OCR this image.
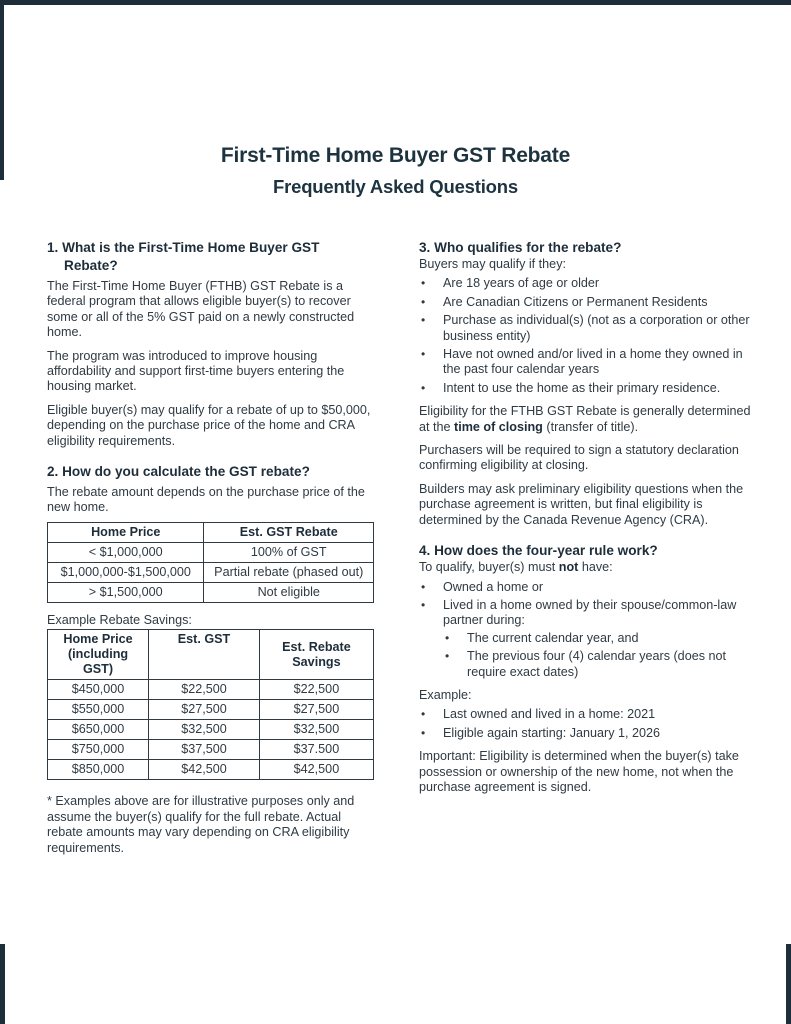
First-Time Home Buyer GST Rebate
Frequently Asked Questions
1. What is the First-Time Home Buyer GST Rebate?

The First-Time Home Buyer (FTHB) GST Rebate is a federal program that allows eligible buyer(s) to recover some or all of the 5% GST paid on a newly constructed home.

The program was introduced to improve housing affordability and support first-time buyers entering the housing market.

Eligible buyer(s) may qualify for a rebate of up to $50,000, depending on the purchase price of the home and CRA eligibility requirements.

2. How do you calculate the GST rebate?

The rebate amount depends on the purchase price of the new home.

Home Price	Est. GST Rebate
< $1,000,000	100% of GST
$1,000,000-$1,500,000	Partial rebate (phased out)
> $1,500,000	Not eligible

Example Rebate Savings:

Home Price (including GST)	Est. GST	Est. Rebate Savings
$450,000	$22,500	$22,500
$550,000	$27,500	$27,500
$650,000	$32,500	$32,500
$750,000	$37,500	$37.500
$850,000	$42,500	$42,500

* Examples above are for illustrative purposes only and assume the buyer(s) qualify for the full rebate. Actual rebate amounts may vary depending on CRA eligibility requirements.

3. Who qualifies for the rebate?

Buyers may qualify if they:

• Are 18 years of age or older
• Are Canadian Citizens or Permanent Residents
• Purchase as individual(s) (not as a corporation or other business entity)
• Have not owned and/or lived in a home they owned in the past four calendar years
• Intent to use the home as their primary residence.

Eligibility for the FTHB GST Rebate is generally determined at the time of closing (transfer of title).

Purchasers will be required to sign a statutory declaration confirming eligibility at closing.

Builders may ask preliminary eligibility questions when the purchase agreement is written, but final eligibility is determined by the Canada Revenue Agency (CRA).

4. How does the four-year rule work?

To qualify, buyer(s) must not have:

• Owned a home or
• Lived in a home owned by their spouse/common-law partner during:
• The current calendar year, and
• The previous four (4) calendar years (does not require exact dates)

Example:

• Last owned and lived in a home: 2021
• Eligible again starting: January 1, 2026

Important: Eligibility is determined when the buyer(s) take possession or ownership of the new home, not when the purchase agreement is signed.
